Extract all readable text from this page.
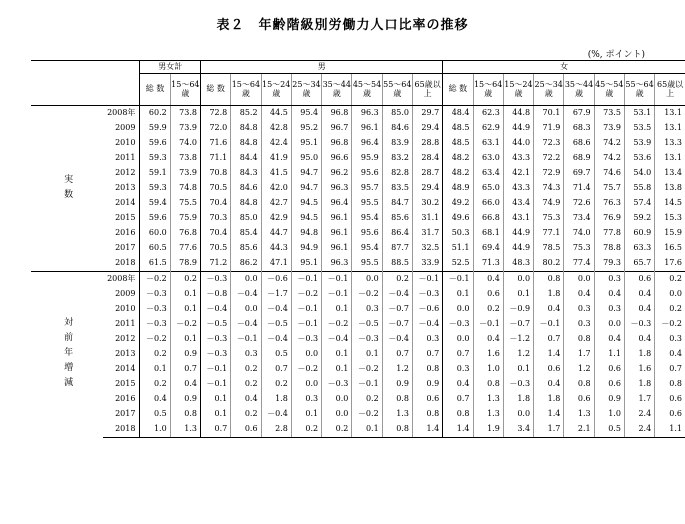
表２　年齢階級別労働力人口比率の推移
(%, ポイント)
		男女計		男								女							
		総 数	15～64歳	総 数	15～64歳	15～24歳	25～34歳	35～44歳	45～54歳	55～64歳	65歳以上	総 数	15～64歳	15～24歳	25～34歳	35～44歳	45～54歳	55～64歳	65歳以上
実数	2008年	60.2	73.8	72.8	85.2	44.5	95.4	96.8	96.3	85.0	29.7	48.4	62.3	44.8	70.1	67.9	73.5	53.1	13.1
	2009	59.9	73.9	72.0	84.8	42.8	95.2	96.7	96.1	84.6	29.4	48.5	62.9	44.9	71.9	68.3	73.9	53.5	13.1
	2010	59.6	74.0	71.6	84.8	42.4	95.1	96.8	96.4	83.9	28.8	48.5	63.1	44.0	72.3	68.6	74.2	53.9	13.3
	2011	59.3	73.8	71.1	84.4	41.9	95.0	96.6	95.9	83.2	28.4	48.2	63.0	43.3	72.2	68.9	74.2	53.6	13.1
	2012	59.1	73.9	70.8	84.3	41.5	94.7	96.2	95.6	82.8	28.7	48.2	63.4	42.1	72.9	69.7	74.6	54.0	13.4
	2013	59.3	74.8	70.5	84.6	42.0	94.7	96.3	95.7	83.5	29.4	48.9	65.0	43.3	74.3	71.4	75.7	55.8	13.8
	2014	59.4	75.5	70.4	84.8	42.7	94.5	96.4	95.5	84.7	30.2	49.2	66.0	43.4	74.9	72.6	76.3	57.4	14.5
	2015	59.6	75.9	70.3	85.0	42.9	94.5	96.1	95.4	85.6	31.1	49.6	66.8	43.1	75.3	73.4	76.9	59.2	15.3
	2016	60.0	76.8	70.4	85.4	44.7	94.8	96.1	95.6	86.4	31.7	50.3	68.1	44.9	77.1	74.0	77.8	60.9	15.9
	2017	60.5	77.6	70.5	85.6	44.3	94.9	96.1	95.4	87.7	32.5	51.1	69.4	44.9	78.5	75.3	78.8	63.3	16.5
	2018	61.5	78.9	71.2	86.2	47.1	95.1	96.3	95.5	88.5	33.9	52.5	71.3	48.3	80.2	77.4	79.3	65.7	17.6
対前年増減	2008年	－0.2	0.2	－0.3	0.0	－0.6	－0.1	－0.1	0.0	0.2	－0.1	－0.1	0.4	0.0	0.8	0.0	0.3	0.6	0.2
	2009	－0.3	0.1	－0.8	－0.4	－1.7	－0.2	－0.1	－0.2	－0.4	－0.3	0.1	0.6	0.1	1.8	0.4	0.4	0.4	0.0
	2010	－0.3	0.1	－0.4	0.0	－0.4	－0.1	0.1	0.3	－0.7	－0.6	0.0	0.2	－0.9	0.4	0.3	0.3	0.4	0.2
	2011	－0.3	－0.2	－0.5	－0.4	－0.5	－0.1	－0.2	－0.5	－0.7	－0.4	－0.3	－0.1	－0.7	－0.1	0.3	0.0	－0.3	－0.2
	2012	－0.2	0.1	－0.3	－0.1	－0.4	－0.3	－0.4	－0.3	－0.4	0.3	0.0	0.4	－1.2	0.7	0.8	0.4	0.4	0.3
	2013	0.2	0.9	－0.3	0.3	0.5	0.0	0.1	0.1	0.7	0.7	0.7	1.6	1.2	1.4	1.7	1.1	1.8	0.4
	2014	0.1	0.7	－0.1	0.2	0.7	－0.2	0.1	－0.2	1.2	0.8	0.3	1.0	0.1	0.6	1.2	0.6	1.6	0.7
	2015	0.2	0.4	－0.1	0.2	0.2	0.0	－0.3	－0.1	0.9	0.9	0.4	0.8	－0.3	0.4	0.8	0.6	1.8	0.8
	2016	0.4	0.9	0.1	0.4	1.8	0.3	0.0	0.2	0.8	0.6	0.7	1.3	1.8	1.8	0.6	0.9	1.7	0.6
	2017	0.5	0.8	0.1	0.2	－0.4	0.1	0.0	－0.2	1.3	0.8	0.8	1.3	0.0	1.4	1.3	1.0	2.4	0.6
	2018	1.0	1.3	0.7	0.6	2.8	0.2	0.2	0.1	0.8	1.4	1.4	1.9	3.4	1.7	2.1	0.5	2.4	1.1
